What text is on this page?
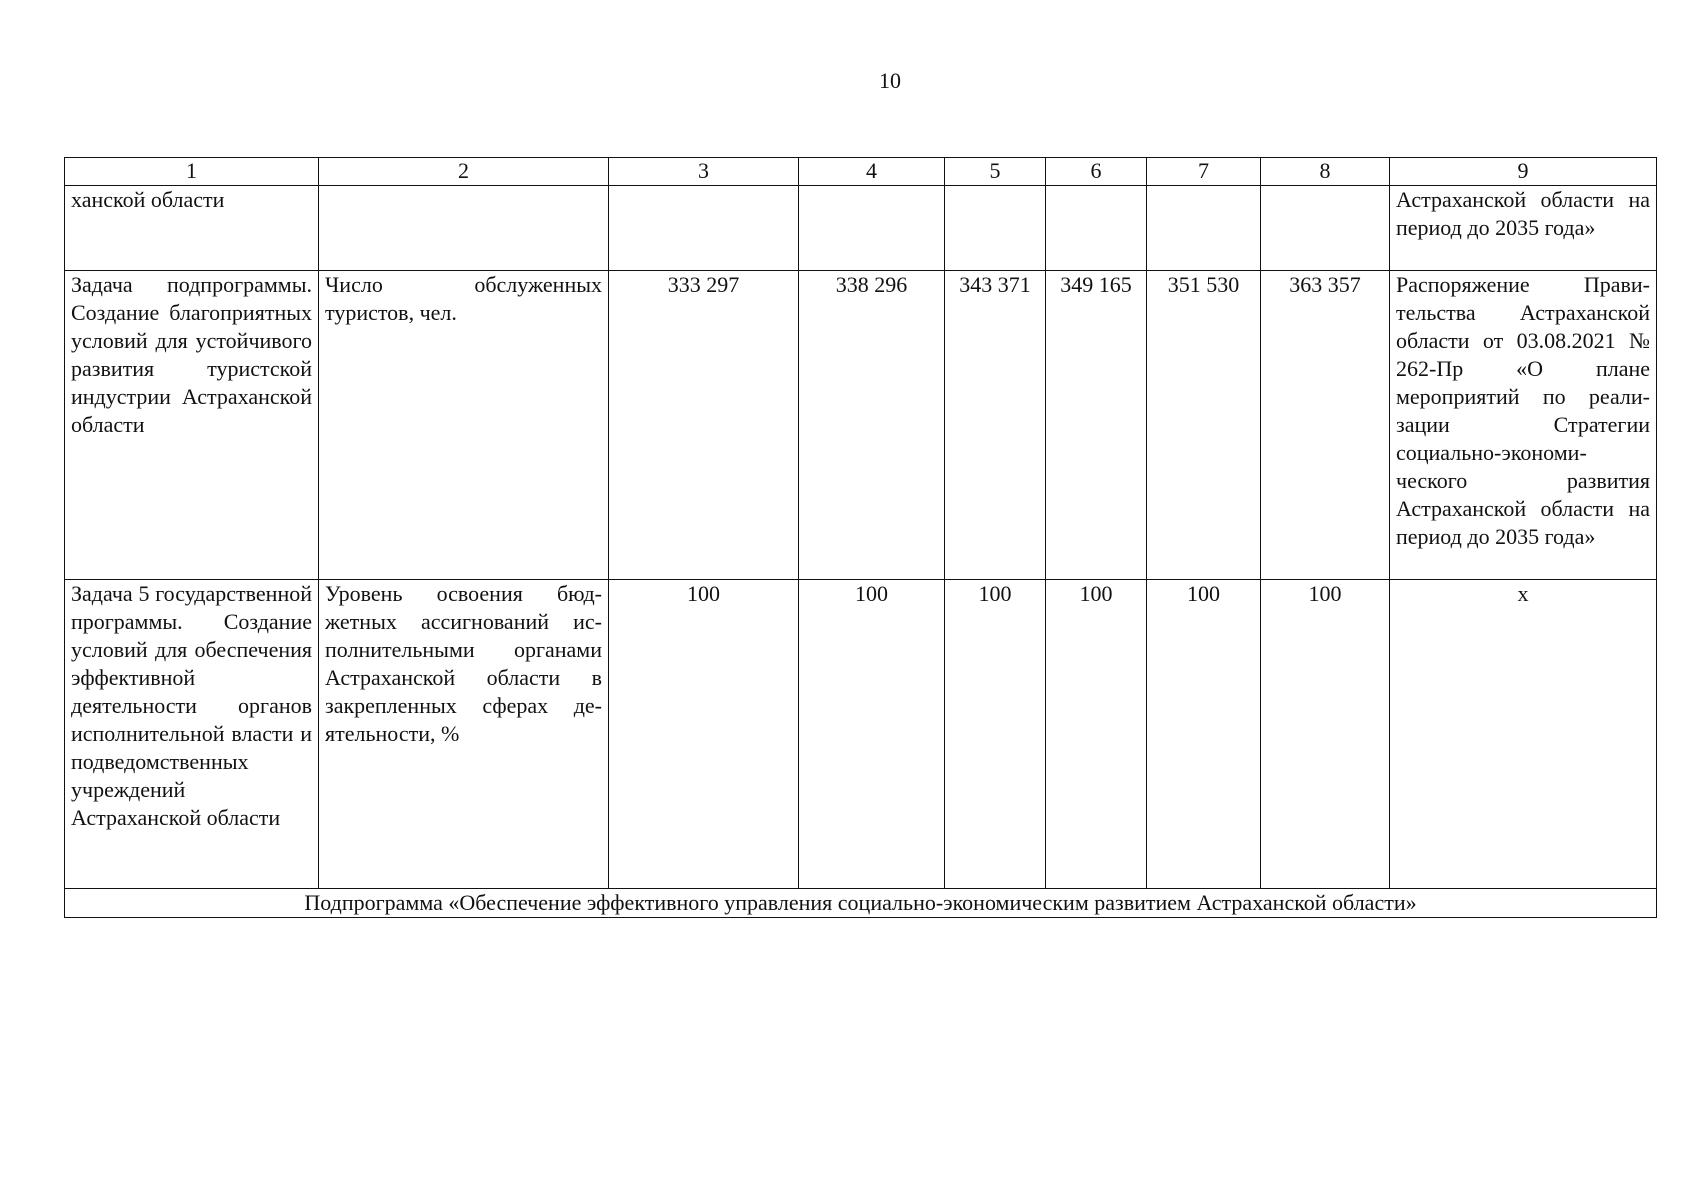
10
1	2	3	4	5	6	7	8	9
ханской области								Астраханской области на период до 2035 года»
Задача подпрограммы. Создание благоприятных условий для устойчивого развития туристской индустрии Астраханской области	Число обслуженных туристов, чел.	333 297	338 296	343 371	349 165	351 530	363 357	Распоряжение Правительства Астраханской области от 03.08.2021 № 262-Пр «О плане мероприятий по реализации Стратегии социально-экономического развития Астраханской области на период до 2035 года»
Задача 5 государственной программы. Создание условий для обеспечения эффективной деятельности органов исполнительной власти и подведомственных учреждений Астраханской области	Уровень освоения бюджетных ассигнований исполнительными органами Астраханской области в закрепленных сферах деятельности, %	100	100	100	100	100	100	х
Подпрограмма «Обеспечение эффективного управления социально-экономическим развитием Астраханской области»								
